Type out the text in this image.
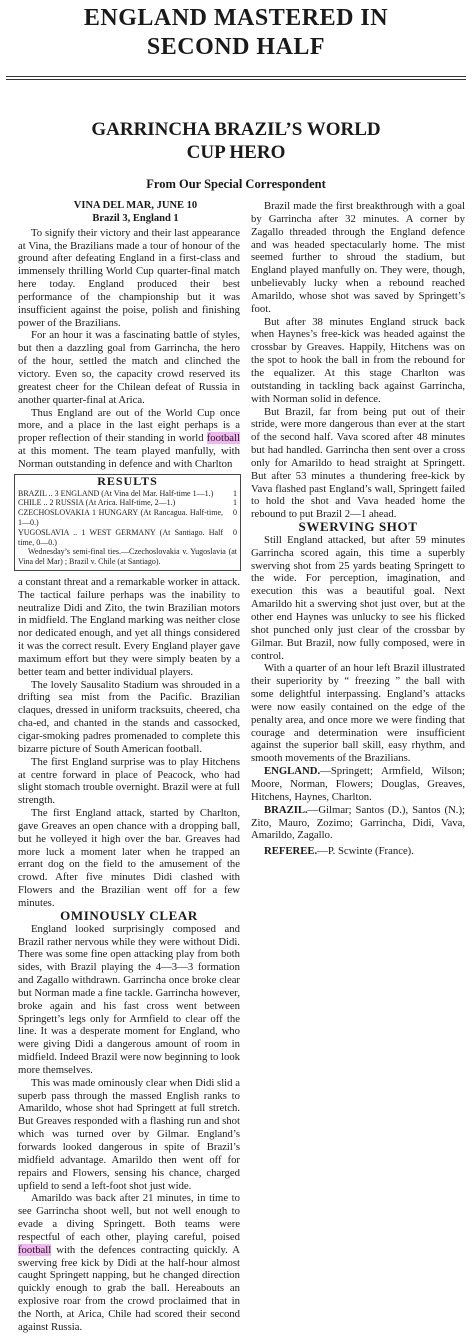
ENGLAND MASTERED IN
SECOND HALF
GARRINCHA BRAZIL’S WORLD
CUP HERO
From Our Special Correspondent

VINA DEL MAR, JUNE 10

Brazil 3, England 1

To signify their victory and their last appearance at Vina, the Brazilians made a tour of honour of the ground after defeating England in a first-class and immensely thrilling World Cup quarter-final match here today. England produced their best performance of the championship but it was insufficient against the poise, polish and finishing power of the Brazilians.

For an hour it was a fascinating battle of styles, but then a dazzling goal from Garrincha, the hero of the hour, settled the match and clinched the victory. Even so, the capacity crowd reserved its greatest cheer for the Chilean defeat of Russia in another quarter-final at Arica.

Thus England are out of the World Cup once more, and a place in the last eight perhaps is a proper reflection of their standing in world football at this moment. The team played manfully, with Norman outstanding in defence and with Charlton

RESULTS
BRAZIL .. 3 ENGLAND (At Vina del Mar. Half-time 1—1.)	1
CHILE .. 2 RUSSIA (At Arica. Half-time, 2—1.)	1
CZECHOSLOVAKIA 1 HUNGARY (At Rancagua. Half-time, 1—0.)
0
YUGOSLAVIA .. 1 WEST GERMANY (At Santiago. Half time, 0—0.)
0
Wednesday’s semi-final ties.—Czechoslovakia v. Yugoslavia (at Vina del Mar) ; Brazil v. Chile (at Santiago).

a constant threat and a remarkable worker in attack. The tactical failure perhaps was the inability to neutralize Didi and Zito, the twin Brazilian motors in midfield. The England marking was neither close nor dedicated enough, and yet all things considered it was the correct result. Every England player gave maximum effort but they were simply beaten by a better team and better individual players.

The lovely Sausalito Stadium was shrouded in a drifting sea mist from the Pacific. Brazilian claques, dressed in uniform tracksuits, cheered, cha cha-ed, and chanted in the stands and cassocked, cigar-smoking padres promenaded to complete this bizarre picture of South American football.

The first England surprise was to play Hitchens at centre forward in place of Peacock, who had slight stomach trouble overnight. Brazil were at full strength.

The first England attack, started by Charlton, gave Greaves an open chance with a dropping ball, but he volleyed it high over the bar. Greaves had more luck a moment later when he trapped an errant dog on the field to the amusement of the crowd. After five minutes Didi clashed with Flowers and the Brazilian went off for a few minutes.

OMINOUSLY CLEAR

England looked surprisingly composed and Brazil rather nervous while they were without Didi. There was some fine open attacking play from both sides, with Brazil playing the 4—3—3 formation and Zagallo withdrawn. Garrincha once broke clear but Norman made a fine tackle. Garrincha however, broke again and his fast cross went between Springett’s legs only for Armfield to clear off the line. It was a desperate moment for England, who were giving Didi a dangerous amount of room in midfield. Indeed Brazil were now beginning to look more themselves.

This was made ominously clear when Didi slid a superb pass through the massed English ranks to Amarildo, whose shot had Springett at full stretch. But Greaves responded with a flashing run and shot which was turned over by Gilmar. England’s forwards looked dangerous in spite of Brazil’s midfield advantage. Amarildo then went off for repairs and Flowers, sensing his chance, charged upfield to send a left-foot shot just wide.

Amarildo was back after 21 minutes, in time to see Garrincha shoot well, but not well enough to evade a diving Springett. Both teams were respectful of each other, playing careful, poised football with the defences contracting quickly. A swerving free kick by Didi at the half-hour almost caught Springett napping, but he changed direction quickly enough to grab the ball. Hereabouts an explosive roar from the crowd proclaimed that in the North, at Arica, Chile had scored their second against Russia.

Brazil made the first breakthrough with a goal by Garrincha after 32 minutes. A corner by Zagallo threaded through the England defence and was headed spectacularly home. The mist seemed further to shroud the stadium, but England played manfully on. They were, though, unbelievably lucky when a rebound reached Amarildo, whose shot was saved by Springett’s foot.

But after 38 minutes England struck back when Haynes’s free-kick was headed against the crossbar by Greaves. Happily, Hitchens was on the spot to hook the ball in from the rebound for the equalizer. At this stage Charlton was outstanding in tackling back against Garrincha, with Norman solid in defence.

But Brazil, far from being put out of their stride, were more dangerous than ever at the start of the second half. Vava scored after 48 minutes but had handled. Garrincha then sent over a cross only for Amarildo to head straight at Springett. But after 53 minutes a thundering free-kick by Vava flashed past England’s wall, Springett failed to hold the shot and Vava headed home the rebound to put Brazil 2—1 ahead.

SWERVING SHOT

Still England attacked, but after 59 minutes Garrincha scored again, this time a superbly swerving shot from 25 yards beating Springett to the wide. For perception, imagination, and execution this was a beautiful goal. Next Amarildo hit a swerving shot just over, but at the other end Haynes was unlucky to see his flicked shot punched only just clear of the crossbar by Gilmar. But Brazil, now fully composed, were in control.

With a quarter of an hour left Brazil illustrated their superiority by “ freezing ” the ball with some delightful interpassing. England’s attacks were now easily contained on the edge of the penalty area, and once more we were finding that courage and determination were insufficient against the superior ball skill, easy rhythm, and smooth movements of the Brazilians.

ENGLAND.—Springett; Armfield, Wilson; Moore, Norman, Flowers; Douglas, Greaves, Hitchens, Haynes, Charlton.

BRAZIL.—Gilmar; Santos (D.), Santos (N.); Zito, Mauro, Zozimo; Garrincha, Didi, Vava, Amarildo, Zagallo.

REFEREE.—P. Scwinte (France).
